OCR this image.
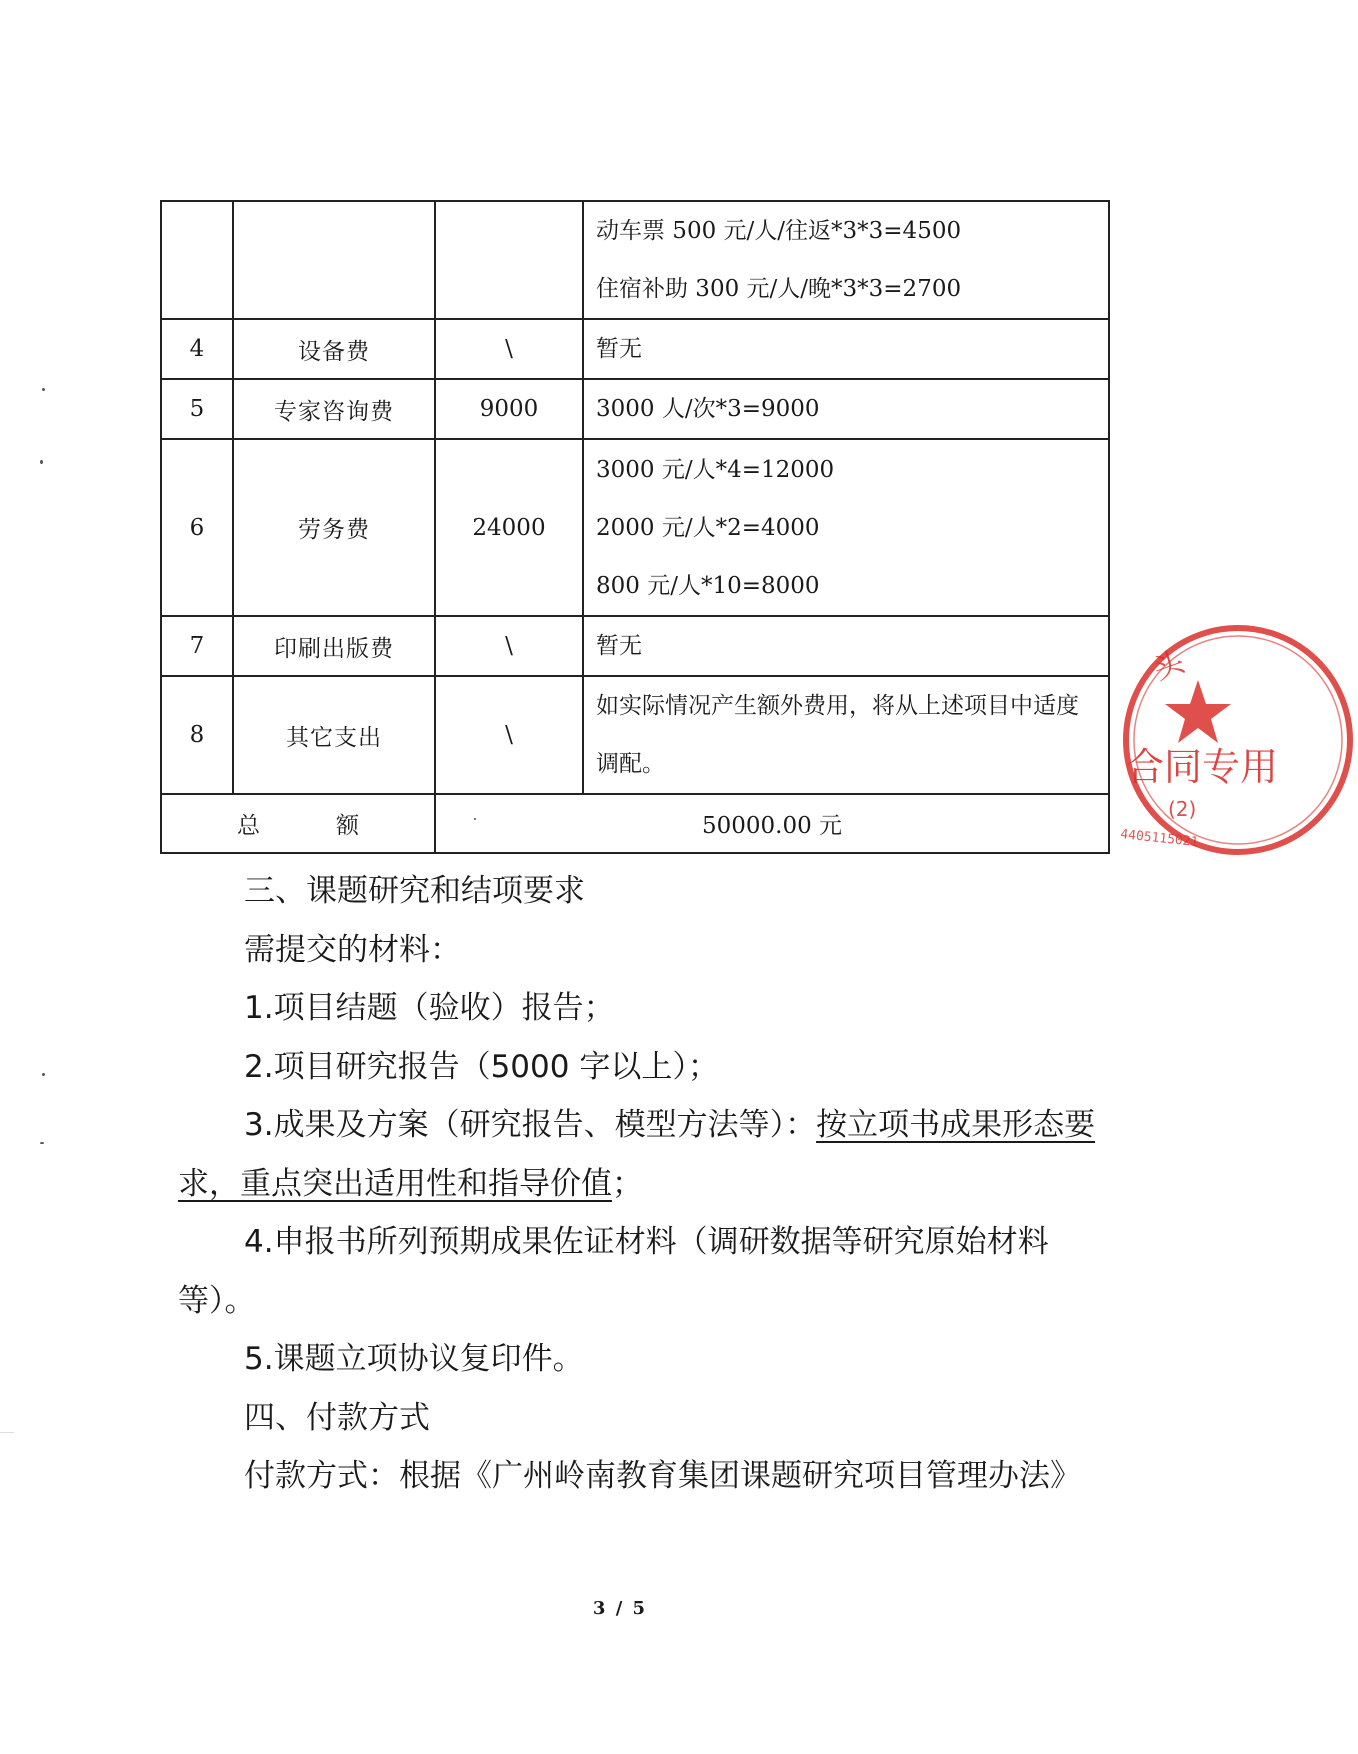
			动车票 500 元/人/往返*3*3=4500
住宿补助 300 元/人/晚*3*3=2700

4	设备费	\	暂无

5	专家咨询费	9000	3000 人/次*3=9000

6	劳务费	24000	3000 元/人*4=12000
2000 元/人*2=4000
800 元/人*10=8000

7	印刷出版费	\	暂无

8	其它支出	\	如实际情况产生额外费用，将从上述项目中适度调配。

总额		50000.00 元	

三、课题研究和结项要求

需提交的材料：

1.项目结题（验收）报告；

2.项目研究报告（5000 字以上）；

3.成果及方案（研究报告、模型方法等）：按立项书成果形态要求，重点突出适用性和指导价值；

4.申报书所列预期成果佐证材料（调研数据等研究原始材料等）。

5.课题立项协议复印件。

四、付款方式

付款方式：根据《广州岭南教育集团课题研究项目管理办法》

3 / 5
头
合同专用
(2)
4405115021
